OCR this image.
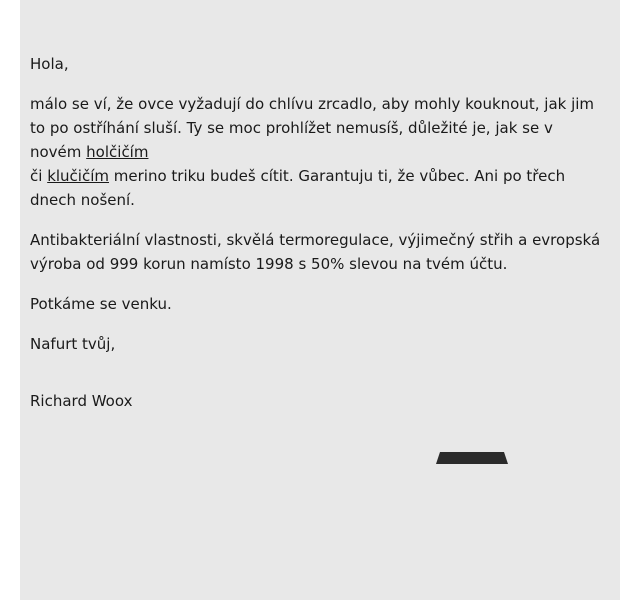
Hola,

málo se ví, že ovce vyžadují do chlívu zrcadlo, aby mohly kouknout, jak jim to po ostříhání sluší. Ty se moc prohlížet nemusíš, důležité je, jak se v novém holčičím
či klučičím merino triku budeš cítit. Garantuju ti, že vůbec. Ani po třech dnech nošení.

Antibakteriální vlastnosti, skvělá termoregulace, výjimečný střih a evropská výroba od 999 korun namísto 1998 s 50% slevou na tvém účtu.

Potkáme se venku.

Nafurt tvůj,

Richard Woox
